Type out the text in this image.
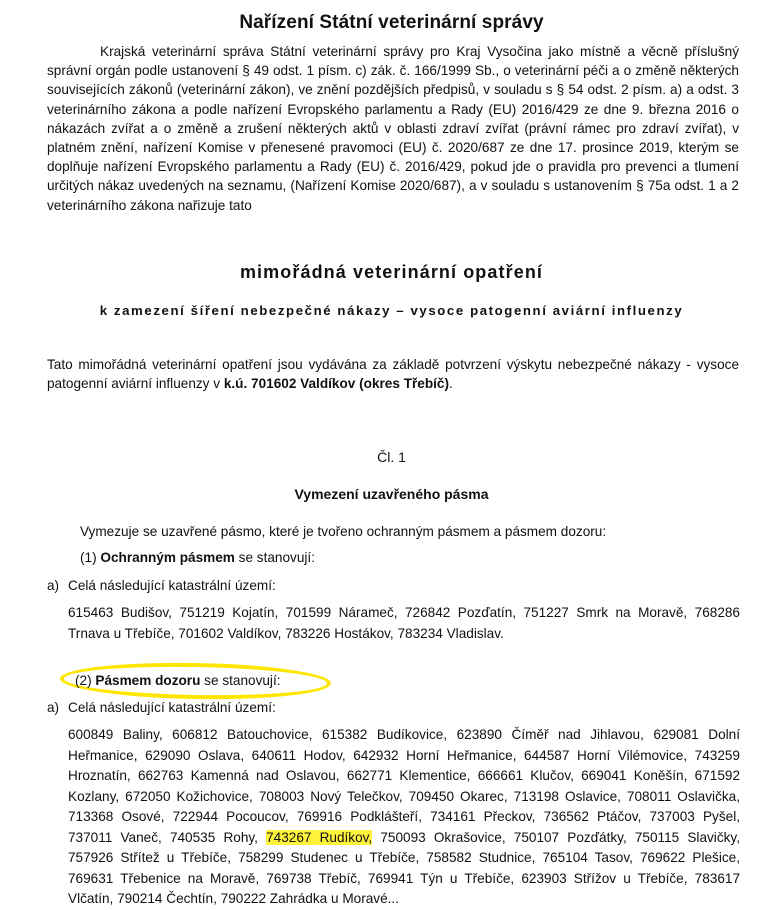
Nařízení Státní veterinární správy
Krajská veterinární správa Státní veterinární správy pro Kraj Vysočina jako místně a věcně příslušný správní orgán podle ustanovení § 49 odst. 1 písm. c) zák. č. 166/1999 Sb., o veterinární péči a o změně některých souvisejících zákonů (veterinární zákon), ve znění pozdějších předpisů, v souladu s § 54 odst. 2 písm. a) a odst. 3 veterinárního zákona a podle nařízení Evropského parlamentu a Rady (EU) 2016/429 ze dne 9. března 2016 o nákazách zvířat a o změně a zrušení některých aktů v oblasti zdraví zvířat (právní rámec pro zdraví zvířat), v platném znění, nařízení Komise v přenesené pravomoci (EU) č. 2020/687 ze dne 17. prosince 2019, kterým se doplňuje nařízení Evropského parlamentu a Rady (EU) č. 2016/429, pokud jde o pravidla pro prevenci a tlumení určitých nákaz uvedených na seznamu, (Nařízení Komise 2020/687), a v souladu s ustanovením § 75a odst. 1 a 2 veterinárního zákona nařizuje tato
mimořádná veterinární opatření
k zamezení šíření nebezpečné nákazy – vysoce patogenní aviární influenzy
Tato mimořádná veterinární opatření jsou vydávána za základě potvrzení výskytu nebezpečné nákazy - vysoce patogenní aviární influenzy v k.ú. 701602 Valdíkov (okres Třebíč).
Čl. 1
Vymezení uzavřeného pásma
Vymezuje se uzavřené pásmo, které je tvořeno ochranným pásmem a pásmem dozoru:
(1) Ochranným pásmem se stanovují:
a) Celá následující katastrální území:
615463 Budišov, 751219 Kojatín, 701599 Náramеč, 726842 Pozďatín, 751227 Smrk na Moravě, 768286 Trnava u Třebíče, 701602 Valdíkov, 783226 Hostákov, 783234 Vladislav.
(2) Pásmem dozoru se stanovují:
a) Celá následující katastrální území:
600849 Baliny, 606812 Batouchovice, 615382 Budíkovice, 623890 Číměř nad Jihlavou, 629081 Dolní Heřmanice, 629090 Oslava, 640611 Hodov, 642932 Horní Heřmanice, 644587 Horní Vilémovice, 743259 Hroznatín, 662763 Kamenná nad Oslavou, 662771 Klementice, 666661 Klučov, 669041 Koněšín, 671592 Kozlany, 672050 Kožichovice, 708003 Nový Telečkov, 709450 Okarec, 713198 Oslavice, 708011 Oslavička, 713368 Osové, 722944 Pocoucov, 769916 Podklášteří, 734161 Přeckov, 736562 Ptáčov, 737003 Pyšel, 737011 Vaneč, 740535 Rohy, 743267 Rudíkov, 750093 Okrašovice, 750107 Pozďátky, 750115 Slavičky, 757926 Střítež u Třebíče, 758299 Studenec u Třebíče, 758582 Studnice, 765104 Tasov, 769622 Plešice, 769631 Třebenice na Moravě, 769738 Třebíč, 769941 Týn u Třebíče, 623903 Střížov u Třebíče, 783617 Vlčatín, 790214 Čechtín, 790222 Zahrádka u Moravé...
